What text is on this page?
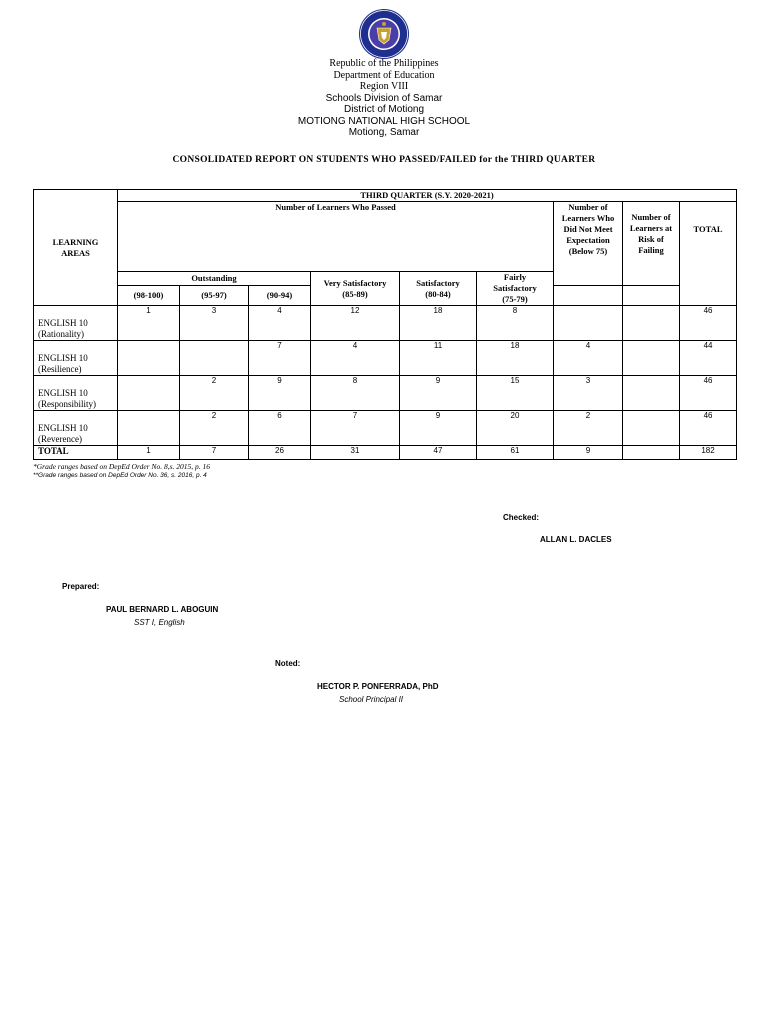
Republic of the Philippines
Department of Education
Region VIII
Schools Division of Samar
District of Motiong
MOTIONG NATIONAL HIGH SCHOOL
Motiong, Samar
CONSOLIDATED REPORT ON STUDENTS WHO PASSED/FAILED for the THIRD QUARTER
LEARNING AREAS	THIRD QUARTER (S.Y. 2020-2021)								
	Number of Learners Who Passed						Number of Learners Who Did Not Meet Expectation (Below 75)	Number of Learners at Risk of Failing	TOTAL

	Outstanding			Very Satisfactory (85-89)	Satisfactory (80-84)	Fairly Satisfactory (75-79)			

	(98-100)	(95-97)	(90-94)						

ENGLISH 10
(Rationality)	1	3	4	12	18	8			46

ENGLISH 10
(Resilience)			7	4	11	18	4		44

ENGLISH 10
(Responsibility)		2	9	8	9	15	3		46

ENGLISH 10
(Reverence)		2	6	7	9	20	2		46
TOTAL	1	7	26	31	47	61	9		182
*Grade ranges based on DepEd Order No. 8,s. 2015, p. 16
**Grade ranges based on DepEd Order No. 36, s. 2016, p. 4
Checked:
ALLAN L. DACLES
Prepared:
PAUL BERNARD L. ABOGUIN
SST I, English
Noted:
HECTOR P. PONFERRADA, PhD
School Principal II
